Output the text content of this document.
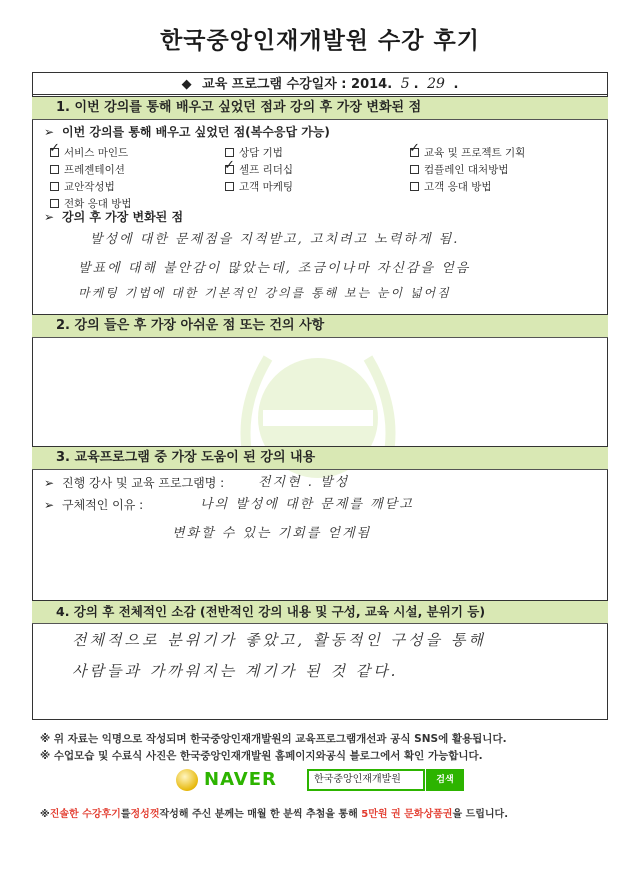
한국중앙인재개발원 수강 후기
◆ 교육 프로그램 수강일자 : 2014. 5 . 29 .
1. 이번 강의를 통해 배우고 싶었던 점과 강의 후 가장 변화된 점
➢ 이번 강의를 통해 배우고 싶었던 점(복수응답 가능)
✓서비스 마인드	상담 기법 ✓	교육 및 프로젝트 기획
프레젠테이션 ✓	셀프 리더십	컴플레인 대처방법
교안작성법	고객 마케팅	고객 응대 방법
전화 응대 방법
➢ 강의 후 가장 변화된 점
발성에 대한 문제점을 지적받고, 고치려고 노력하게 됨.
발표에 대해 불안감이 많았는데, 조금이나마 자신감을 얻음
마케팅 기법에 대한 기본적인 강의를 통해 보는 눈이 넓어짐
2. 강의 들은 후 가장 아쉬운 점 또는 건의 사항
3. 교육프로그램 중 가장 도움이 된 강의 내용
➢ 진행 강사 및 교육 프로그램명 :	전지현 . 발성
➢ 구체적인 이유 :	나의 발성에 대한 문제를 깨닫고
변화할 수 있는 기회를 얻게됨
4. 강의 후 전체적인 소감 (전반적인 강의 내용 및 구성, 교육 시설, 분위기 등)
전체적으로 분위기가 좋았고, 활동적인 구성을 통해
사람들과 가까워지는 계기가 된 것 같다.
※ 위 자료는 익명으로 작성되며 한국중앙인재개발원의 교육프로그램개선과 공식 SNS에 활용됩니다.
※ 수업모습 및 수료식 사진은 한국중앙인재개발원 홈페이지와공식 블로그에서 확인 가능합니다.
NAVER	한국중앙인재개발원	검색
※진솔한 수강후기를정성껏작성해 주신 분께는 매월 한 분씩 추첨을 통해 5만원 권 문화상품권을 드립니다.
